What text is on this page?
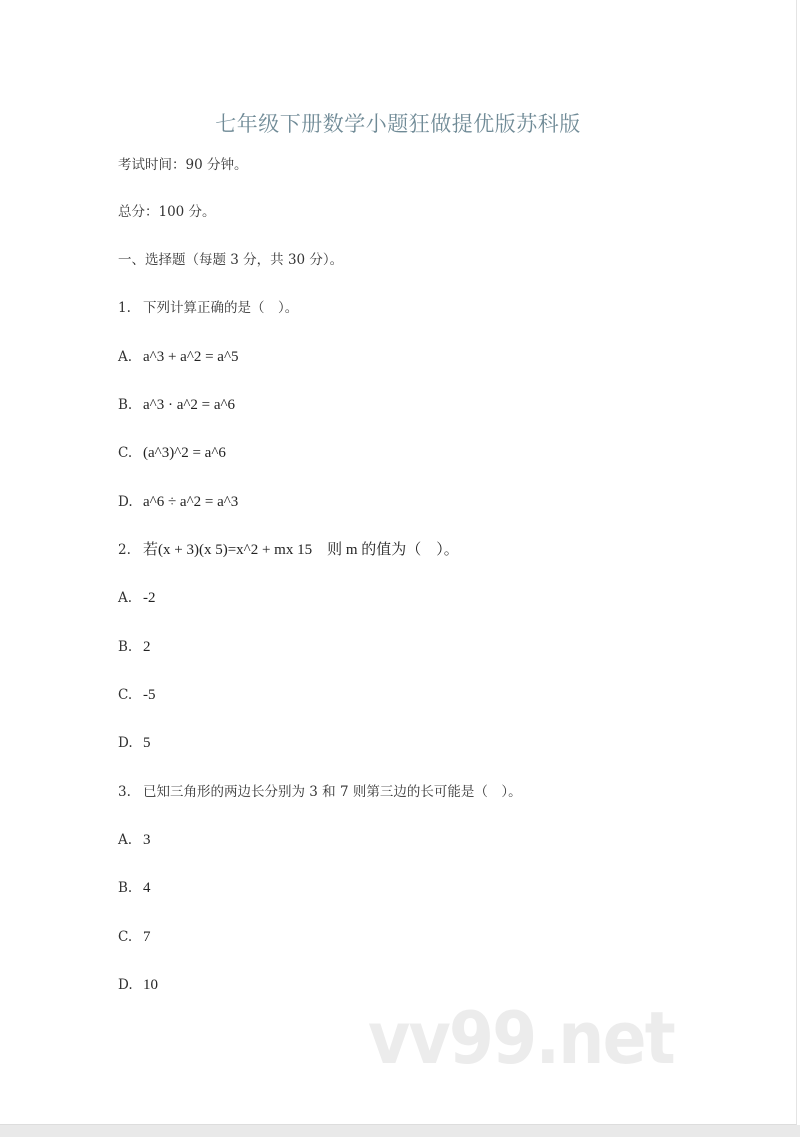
七年级下册数学小题狂做提优版苏科版
考试时间：90 分钟。
总分：100 分。
一、选择题（每题 3 分，共 30 分）。
1. 下列计算正确的是（　）。
A. a^3 + a^2 = a^5
B. a^3 · a^2 = a^6
C. (a^3)^2 = a^6
D. a^6 ÷ a^2 = a^3
2. 若(x + 3)(x 5)=x^2 + mx 15　则 m 的值为（　）。
A. -2
B. 2
C. -5
D. 5
3. 已知三角形的两边长分别为 3 和 7 则第三边的长可能是（　）。
A. 3
B. 4
C. 7
D. 10
vv99.net
